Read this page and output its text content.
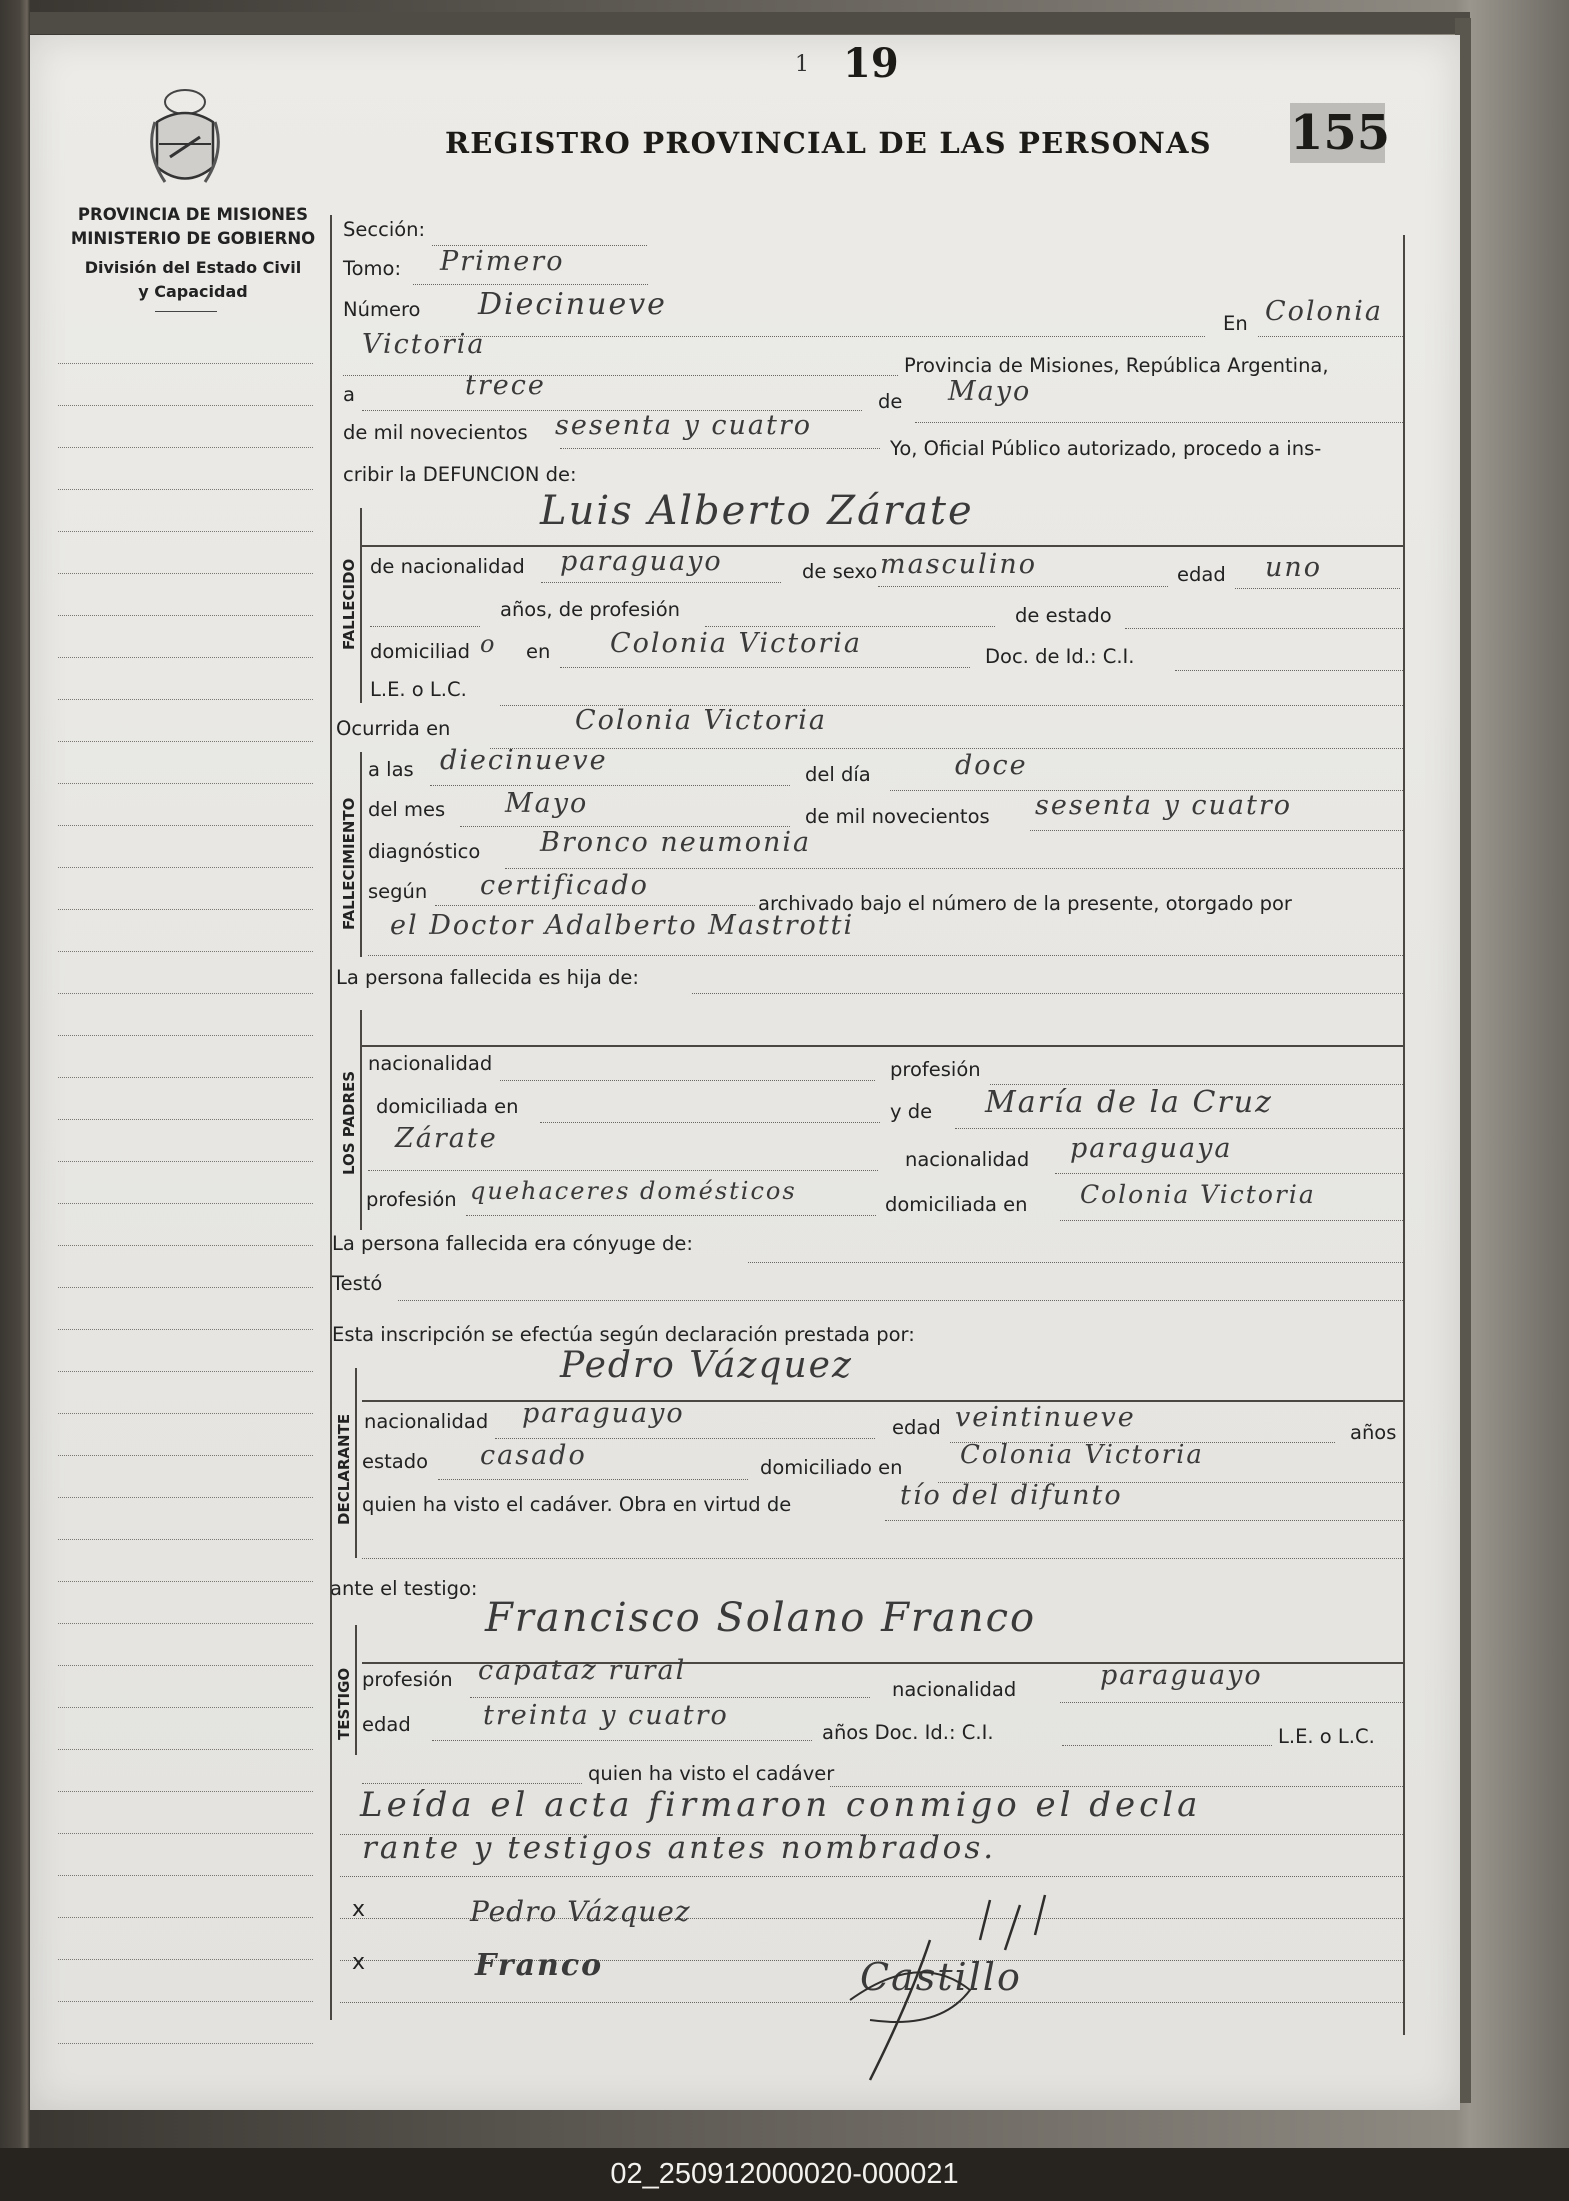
1 19
155
PROVINCIA DE MISIONES
MINISTERIO DE GOBIERNO
División del Estado Civil
y Capacidad
REGISTRO PROVINCIAL DE LAS PERSONAS
Sección:
Tomo: Primero
Número Diecinueve
En Colonia
Victoria
Provincia de Misiones, República Argentina,
a	trece
de Mayo
de mil novecientos sesenta y cuatro
Yo, Oficial Público autorizado, procedo a ins-
cribir la DEFUNCION de:
FALLECIDO
Luis Alberto Zárate
de nacionalidad paraguayo	de sexo masculino	edad uno
años, de profesión	de estado
domiciliad o en Colonia Victoria	Doc. de Id.: C.I.
L.E. o L.C.
Ocurrida en	Colonia Victoria
FALLECIMIENTO
a las diecinueve	del día	doce
del mes Mayo	de mil novecientos sesenta y cuatro
diagnóstico Bronco neumonia
según certificado
archivado bajo el número de la presente, otorgado por
el Doctor Adalberto Mastrotti
La persona fallecida es hija de:
LOS PADRES
nacionalidad	profesión
domiciliada en	y de María de la Cruz
Zárate
nacionalidad paraguaya
profesión quehaceres domésticos	domiciliada en Colonia Victoria
La persona fallecida era cónyuge de:
Testó
Esta inscripción se efectúa según declaración prestada por:
Pedro Vázquez
DECLARANTE nacionalidad paraguayo	edad veintinueve	años
estado casado	domiciliado en Colonia Victoria
quien ha visto el cadáver. Obra en virtud de	tío del difunto
ante el testigo:
Francisco Solano Franco
TESTIGO profesión capataz rural
nacionalidad	paraguayo
edad	treinta y cuatro
años Doc. Id.: C.I.	L.E. o L.C.
quien ha visto el cadáver
Leída el acta firmaron conmigo el decla
rante y testigos antes nombrados.
x
x
Pedro Vázquez
Franco	Castillo
02_250912000020-000021
